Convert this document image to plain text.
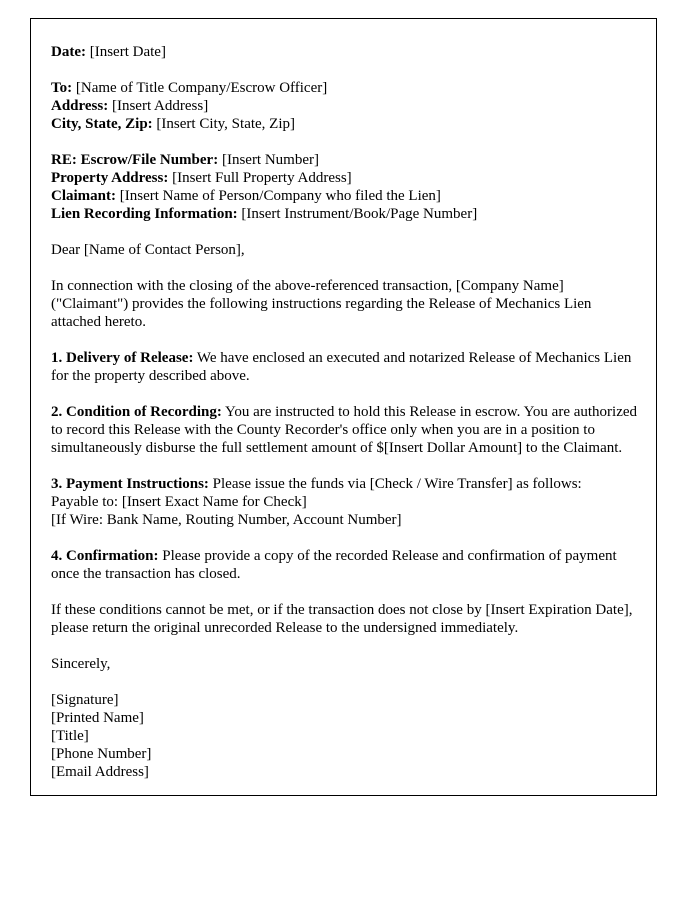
Date: [Insert Date]

To: [Name of Title Company/Escrow Officer]
Address: [Insert Address]
City, State, Zip: [Insert City, State, Zip]

RE: Escrow/File Number: [Insert Number]
Property Address: [Insert Full Property Address]
Claimant: [Insert Name of Person/Company who filed the Lien]
Lien Recording Information: [Insert Instrument/Book/Page Number]

Dear [Name of Contact Person],

In connection with the closing of the above-referenced transaction, [Company Name] ("Claimant") provides the following instructions regarding the Release of Mechanics Lien attached hereto.

1. Delivery of Release: We have enclosed an executed and notarized Release of Mechanics Lien for the property described above.

2. Condition of Recording: You are instructed to hold this Release in escrow. You are authorized to record this Release with the County Recorder's office only when you are in a position to simultaneously disburse the full settlement amount of $[Insert Dollar Amount] to the Claimant.

3. Payment Instructions: Please issue the funds via [Check / Wire Transfer] as follows:
Payable to: [Insert Exact Name for Check]
[If Wire: Bank Name, Routing Number, Account Number]

4. Confirmation: Please provide a copy of the recorded Release and confirmation of payment once the transaction has closed.

If these conditions cannot be met, or if the transaction does not close by [Insert Expiration Date], please return the original unrecorded Release to the undersigned immediately.

Sincerely,

[Signature]
[Printed Name]
[Title]
[Phone Number]
[Email Address]
